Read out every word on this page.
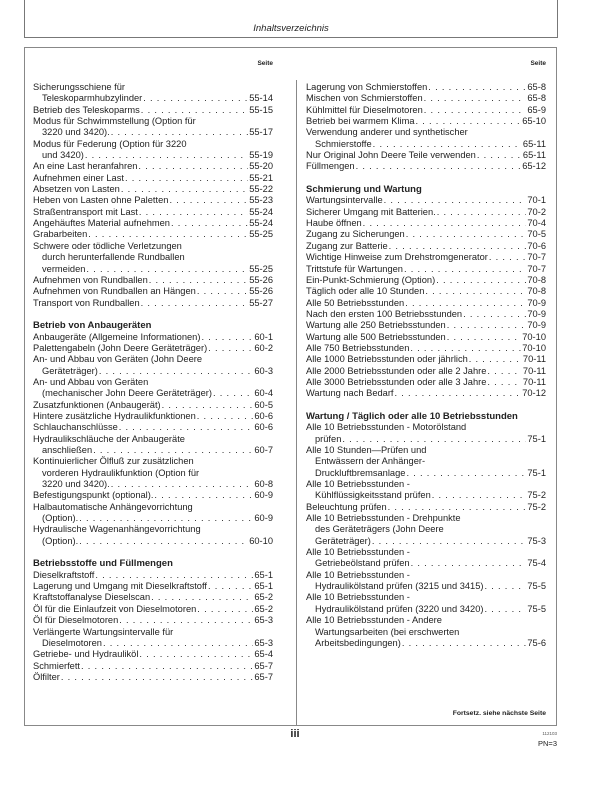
Inhaltsverzeichnis
Seite	Seite
Sicherungsschiene für
Teleskoparmhubzylinder . . .	55-14
Betrieb des Teleskoparms . . .	55-15
Modus für Schwimmstellung (Option für
3220 und 3420). . . .	55-17
Modus für Federung (Option für 3220
und 3420) . . .	55-19
An eine Last heranfahren . . .	55-20
Aufnehmen einer Last . . .	55-21
Absetzen von Lasten . . .	55-22
Heben von Lasten ohne Paletten . . .	55-23
Straßentransport mit Last . . .	55-24
Angehäuftes Material aufnehmen . . .	55-24
Grabarbeiten . . .	55-25
Schwere oder tödliche Verletzungen
durch herunterfallende Rundballen
vermeiden . . .	55-25
Aufnehmen von Rundballen . . .	55-26
Aufnehmen von Rundballen an Hängen . . .	55-26
Transport von Rundballen . . .	55-27
Betrieb von Anbaugeräten
Anbaugeräte (Allgemeine Informationen) . . .	60-1
Palettengabeln (John Deere Geräteträger) . . .	60-2
An- und Abbau von Geräten (John Deere
Geräteträger) . . .	60-3
An- und Abbau von Geräten
(mechanischer John Deere Geräteträger) . . .	60-4
Zusatzfunktionen (Anbaugerät) . . .	60-5
Hintere zusätzliche Hydraulikfunktionen . . .	60-6
Schlauchanschlüsse . . .	60-6
Hydraulikschläuche der Anbaugeräte
anschließen . . .	60-7
Kontinuierlicher Ölfluß zur zusätzlichen
vorderen Hydraulikfunktion (Option für
3220 und 3420). . . .	60-8
Befestigungspunkt (optional). . . .	60-9
Halbautomatische Anhängevorrichtung
(Option). . . .	60-9
Hydraulische Wagenanhängevorrichtung
(Option). . . .	60-10
Betriebsstoffe und Füllmengen
Dieselkraftstoff . . .	65-1
Lagerung und Umgang mit Dieselkraftstoff . . .	65-1
Kraftstoffanalyse Dieselscan . . .	65-2
Öl für die Einlaufzeit von Dieselmotoren . . .	65-2
Öl für Dieselmotoren . . .	65-3
Verlängerte Wartungsintervalle für
Dieselmotoren . . .	65-3
Getriebe- und Hydrauliköl . . .	65-4
Schmierfett . . .	65-7
Ölfilter . . .	65-7
Lagerung von Schmierstoffen . . .	65-8
Mischen von Schmierstoffen . . .	65-8
Kühlmittel für Dieselmotoren . . .	65-9
Betrieb bei warmem Klima . . .	65-10
Verwendung anderer und synthetischer
Schmierstoffe . . .	65-11
Nur Original John Deere Teile verwenden . . .	65-11
Füllmengen . . .	65-12
Schmierung und Wartung
Wartungsintervalle . . .	70-1
Sicherer Umgang mit Batterien. . . .	70-2
Haube öffnen . . .	70-4
Zugang zu Sicherungen . . .	70-5
Zugang zur Batterie . . .	70-6
Wichtige Hinweise zum Drehstromgenerator . . .	70-7
Trittstufe für Wartungen . . .	70-7
Ein-Punkt-Schmierung (Option) . . .	70-8
Täglich oder alle 10 Stunden . . .	70-8
Alle 50 Betriebsstunden . . .	70-9
Nach den ersten 100 Betriebsstunden . . .	70-9
Wartung alle 250 Betriebsstunden . . .	70-9
Wartung alle 500 Betriebsstunden . . .	70-10
Alle 750 Betriebsstunden . . .	70-10
Alle 1000 Betriebsstunden oder jährlich . . .	70-11
Alle 2000 Betriebsstunden oder alle 2 Jahre . . .	70-11
Alle 3000 Betriebsstunden oder alle 3 Jahre . . .	70-11
Wartung nach Bedarf . . .	70-12
Wartung / Täglich oder alle 10 Betriebsstunden
Alle 10 Betriebsstunden - Motorölstand
prüfen . . .	75-1
Alle 10 Stunden—Prüfen und
Entwässern der Anhänger-
Druckluftbremsanlage . . .	75-1
Alle 10 Betriebsstunden -
Kühlflüssigkeitsstand prüfen . . .	75-2
Beleuchtung prüfen . . .	75-2
Alle 10 Betriebsstunden - Drehpunkte
des Geräteträgers (John Deere
Geräteträger) . . .	75-3
Alle 10 Betriebsstunden -
Getriebeölstand prüfen . . .	75-4
Alle 10 Betriebsstunden -
Hydraulikölstand prüfen (3215 und 3415) . . .	75-5
Alle 10 Betriebsstunden -
Hydraulikölstand prüfen (3220 und 3420) . . .	75-5
Alle 10 Betriebsstunden - Andere
Wartungsarbeiten (bei erschwerten
Arbeitsbedingungen) . . .	75-6
Fortsetz. siehe nächste Seite
iii	112103
PN=3
